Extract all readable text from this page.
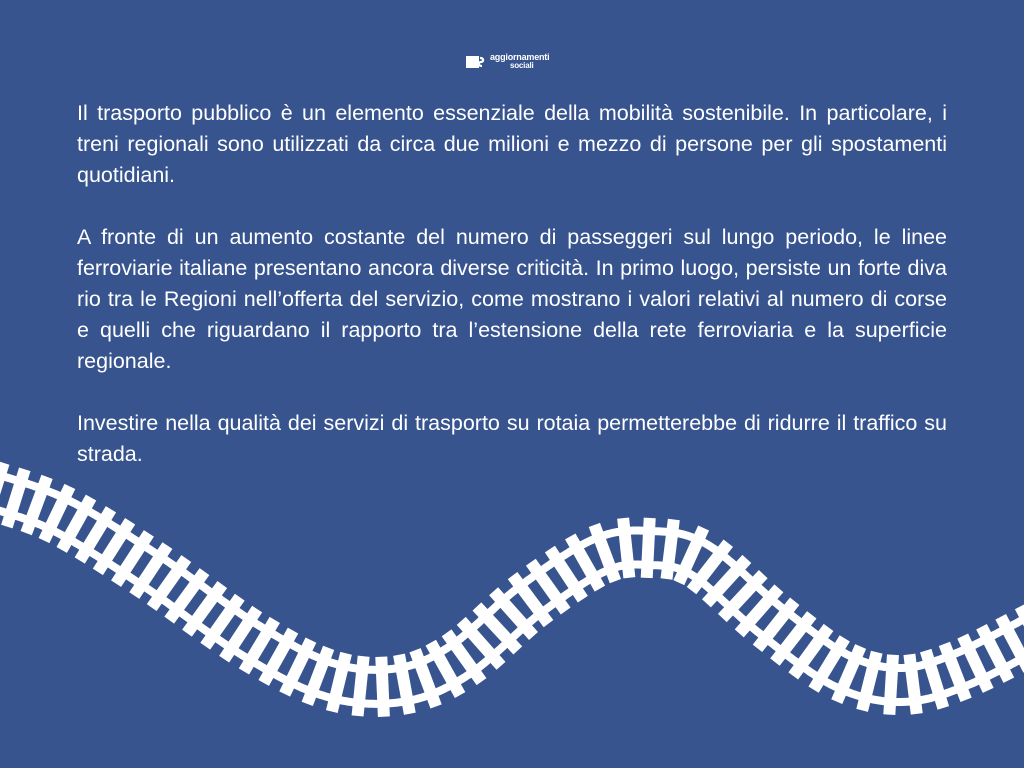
aggiornamenti
sociali

Il trasporto pubblico è un elemento essenziale della mobilità sostenibile. In particolare, i treni regionali sono utilizzati da circa due milioni e mezzo di persone per gli spostamenti quotidiani.

A fronte di un aumento costante del numero di passeggeri sul lungo periodo, le linee ferroviarie italiane presentano ancora diverse criticità. In primo luogo, persiste un forte diva rio tra le Regioni nell’offerta del servizio, come mostrano i valori relativi al numero di corse e quelli che riguardano il rapporto tra l’estensione della rete ferroviaria e la superficie regionale.

Investire nella qualità dei servizi di trasporto su rotaia permetterebbe di ridurre il traffico su strada.
